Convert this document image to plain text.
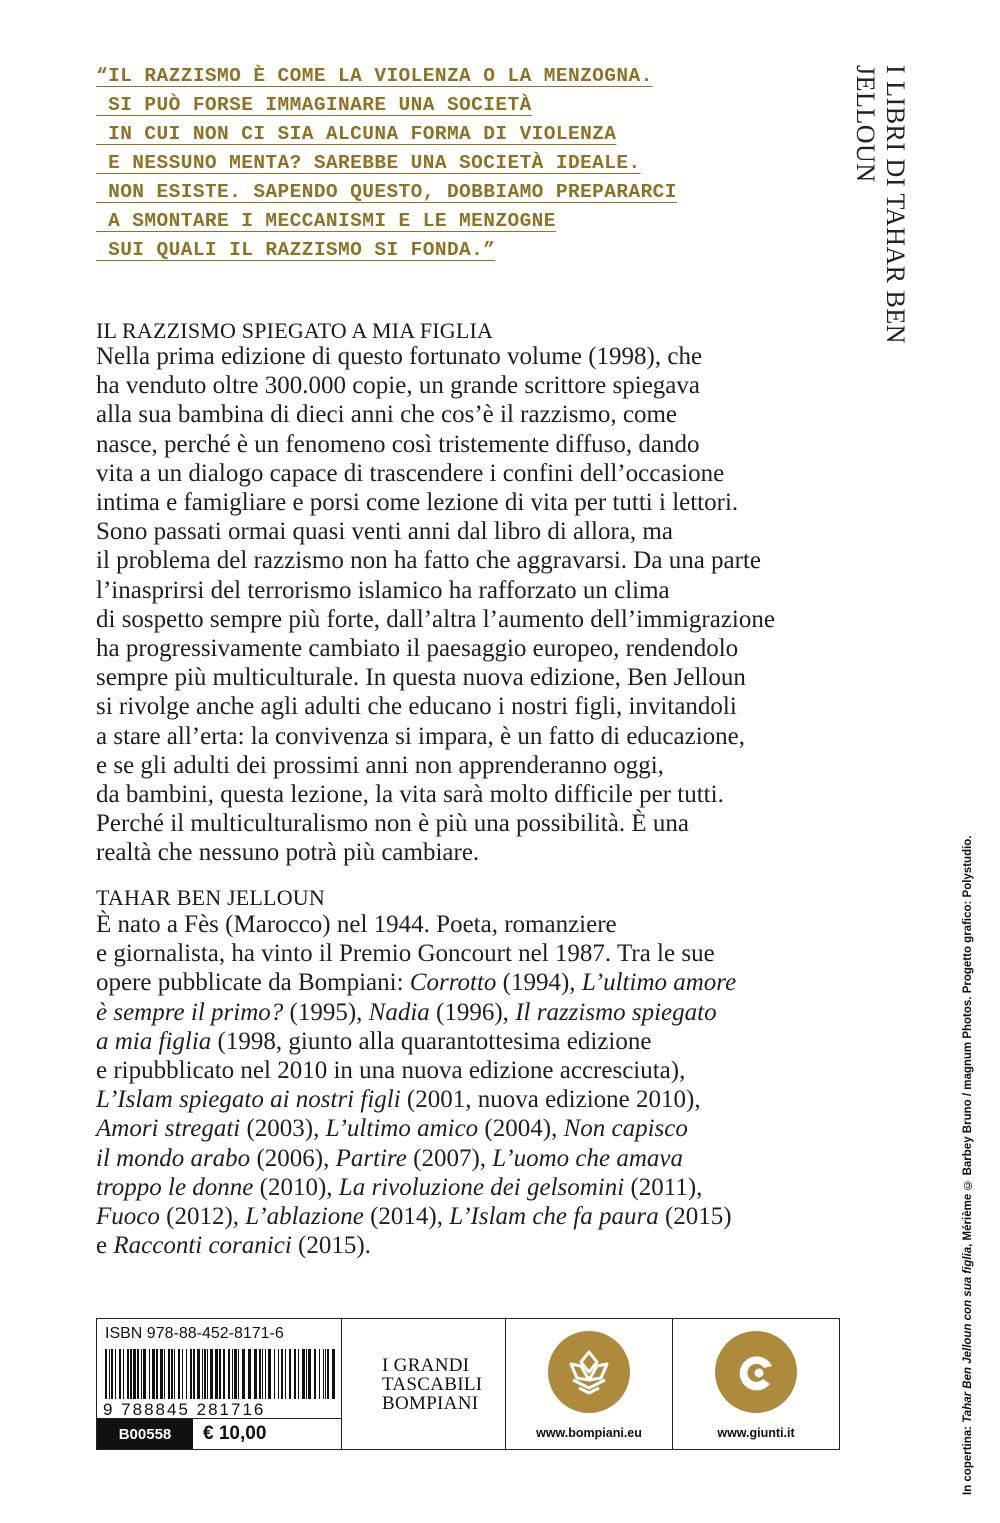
“IL RAZZISMO È COME LA VIOLENZA O LA MENZOGNA.
SI PUÒ FORSE IMMAGINARE UNA SOCIETÀ
IN CUI NON CI SIA ALCUNA FORMA DI VIOLENZA
E NESSUNO MENTA? SAREBBE UNA SOCIETÀ IDEALE.
NON ESISTE. SAPENDO QUESTO, DOBBIAMO PREPARARCI
A SMONTARE I MECCANISMI E LE MENZOGNE
SUI QUALI IL RAZZISMO SI FONDA.”	I LIBRI DI TAHAR BEN JELLOUN
IL RAZZISMO SPIEGATO A MIA FIGLIA
Nella prima edizione di questo fortunato volume (1998), che
ha venduto oltre 300.000 copie, un grande scrittore spiegava
alla sua bambina di dieci anni che cos’è il razzismo, come
nasce, perché è un fenomeno così tristemente diffuso, dando
vita a un dialogo capace di trascendere i confini dell’occasione
intima e famigliare e porsi come lezione di vita per tutti i lettori.
Sono passati ormai quasi venti anni dal libro di allora, ma
il problema del razzismo non ha fatto che aggravarsi. Da una parte
l’inasprirsi del terrorismo islamico ha rafforzato un clima
di sospetto sempre più forte, dall’altra l’aumento dell’immigrazione
ha progressivamente cambiato il paesaggio europeo, rendendolo
sempre più multiculturale. In questa nuova edizione, Ben Jelloun
si rivolge anche agli adulti che educano i nostri figli, invitandoli
a stare all’erta: la convivenza si impara, è un fatto di educazione,
e se gli adulti dei prossimi anni non apprenderanno oggi,
da bambini, questa lezione, la vita sarà molto difficile per tutti.
Perché il multiculturalismo non è più una possibilità. È una
realtà che nessuno potrà più cambiare.
TAHAR BEN JELLOUN
È nato a Fès (Marocco) nel 1944. Poeta, romanziere
e giornalista, ha vinto il Premio Goncourt nel 1987. Tra le sue
opere pubblicate da Bompiani: Corrotto (1994), L’ultimo amore
è sempre il primo? (1995), Nadia (1996), Il razzismo spiegato
a mia figlia (1998, giunto alla quarantottesima edizione
e ripubblicato nel 2010 in una nuova edizione accresciuta),
L’Islam spiegato ai nostri figli (2001, nuova edizione 2010),
Amori stregati (2003), L’ultimo amico (2004), Non capisco
il mondo arabo (2006), Partire (2007), L’uomo che amava
troppo le donne (2010), La rivoluzione dei gelsomini (2011),
Fuoco (2012), L’ablazione (2014), L’Islam che fa paura (2015)
e Racconti coranici (2015).
In copertina: Tahar Ben Jelloun con sua figlia, Mérième © Barbey Bruno / magnum Photos. Progetto grafico: Polystudio.
ISBN 978-88-452-8171-6
9 788845 281716
B00558	€ 10,00
I GRANDI
TASCABILI
BOMPIANI
www.bompiani.eu	www.giunti.it
